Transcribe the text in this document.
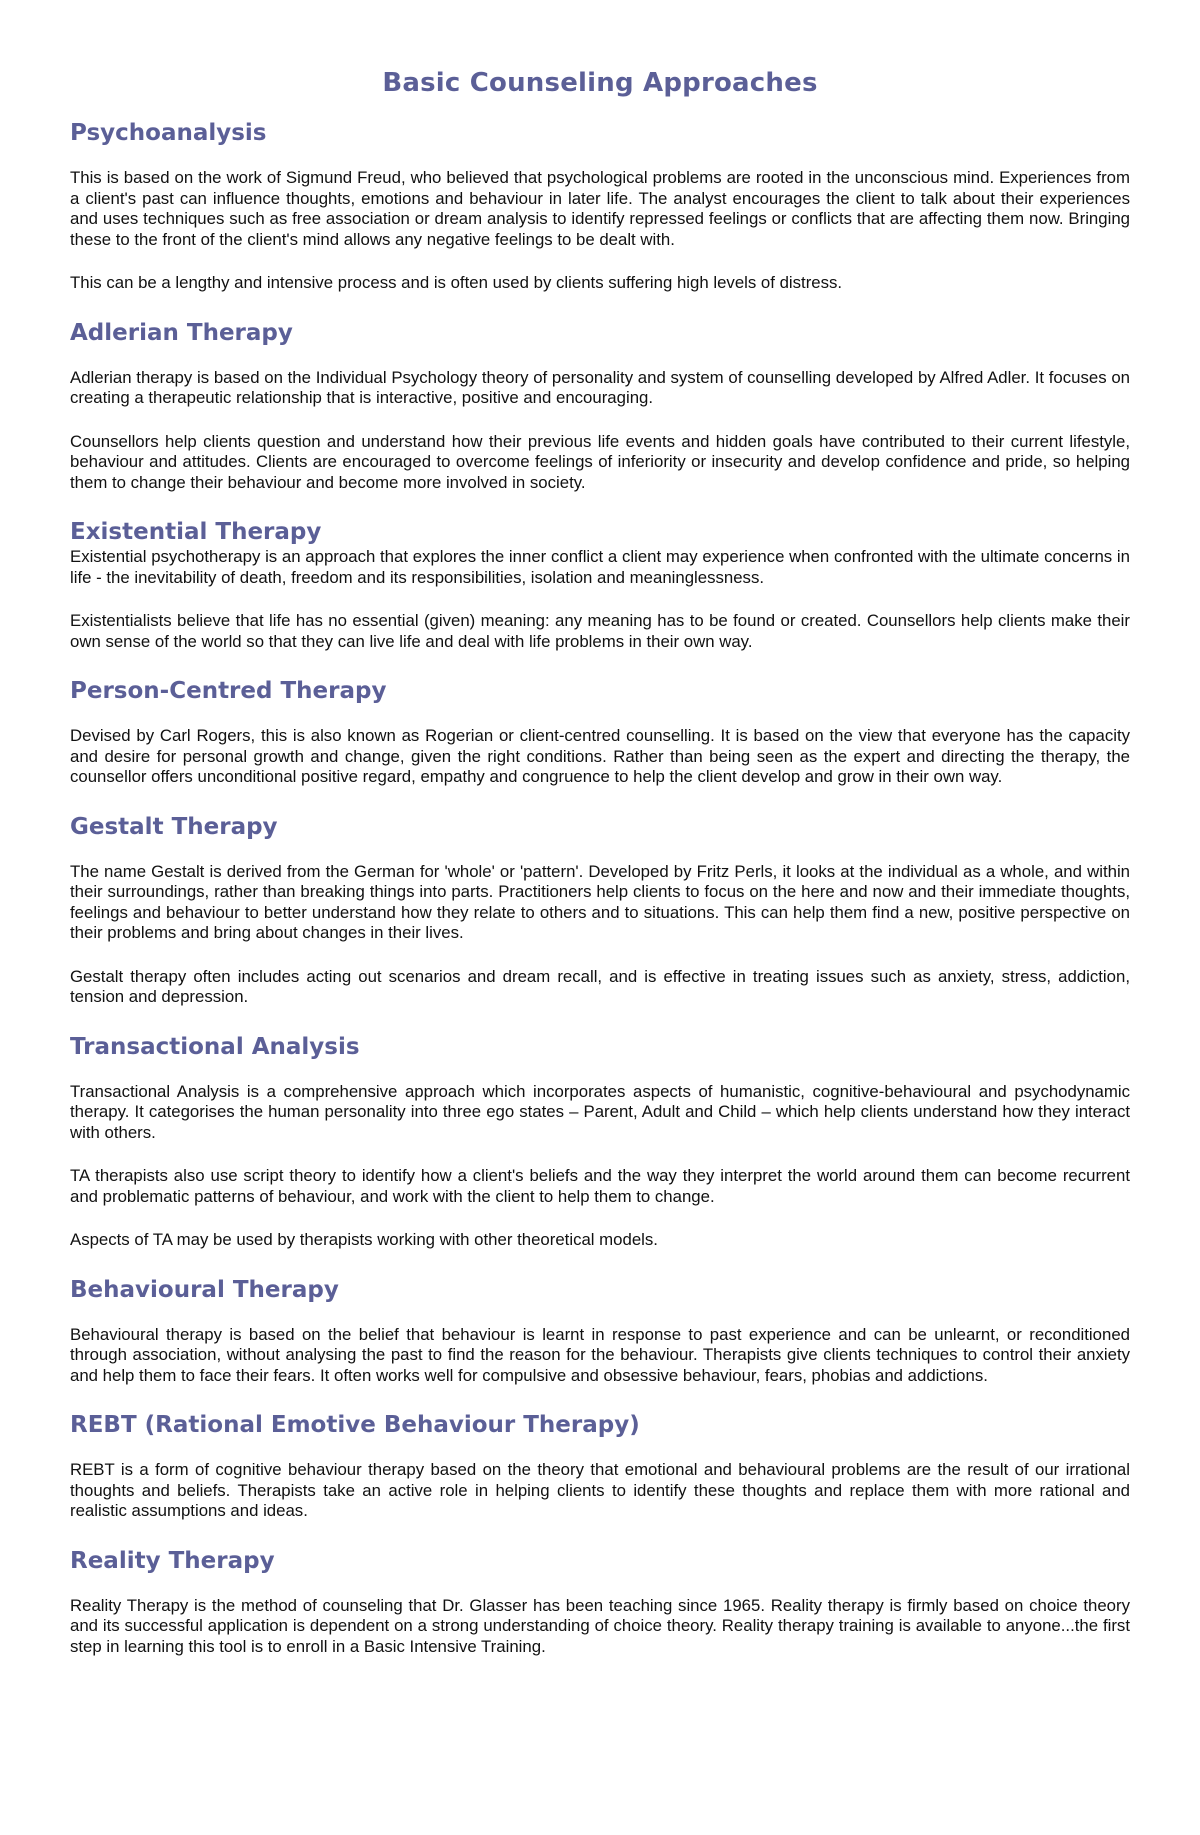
Basic Counseling Approaches
Psychoanalysis

This is based on the work of Sigmund Freud, who believed that psychological problems are rooted in the unconscious mind. Experiences from a client's past can influence thoughts, emotions and behaviour in later life. The analyst encourages the client to talk about their experiences and uses techniques such as free association or dream analysis to identify repressed feelings or conflicts that are affecting them now. Bringing these to the front of the client's mind allows any negative feelings to be dealt with.

This can be a lengthy and intensive process and is often used by clients suffering high levels of distress.

Adlerian Therapy

Adlerian therapy is based on the Individual Psychology theory of personality and system of counselling developed by Alfred Adler. It focuses on creating a therapeutic relationship that is interactive, positive and encouraging.

Counsellors help clients question and understand how their previous life events and hidden goals have contributed to their current lifestyle, behaviour and attitudes. Clients are encouraged to overcome feelings of inferiority or insecurity and develop confidence and pride, so helping them to change their behaviour and become more involved in society.

Existential Therapy

Existential psychotherapy is an approach that explores the inner conflict a client may experience when confronted with the ultimate concerns in life - the inevitability of death, freedom and its responsibilities, isolation and meaninglessness.

Existentialists believe that life has no essential (given) meaning: any meaning has to be found or created. Counsellors help clients make their own sense of the world so that they can live life and deal with life problems in their own way.

Person-Centred Therapy

Devised by Carl Rogers, this is also known as Rogerian or client-centred counselling. It is based on the view that everyone has the capacity and desire for personal growth and change, given the right conditions. Rather than being seen as the expert and directing the therapy, the counsellor offers unconditional positive regard, empathy and congruence to help the client develop and grow in their own way.

Gestalt Therapy

The name Gestalt is derived from the German for 'whole' or 'pattern'. Developed by Fritz Perls, it looks at the individual as a whole, and within their surroundings, rather than breaking things into parts. Practitioners help clients to focus on the here and now and their immediate thoughts, feelings and behaviour to better understand how they relate to others and to situations. This can help them find a new, positive perspective on their problems and bring about changes in their lives.

Gestalt therapy often includes acting out scenarios and dream recall, and is effective in treating issues such as anxiety, stress, addiction, tension and depression.

Transactional Analysis

Transactional Analysis is a comprehensive approach which incorporates aspects of humanistic, cognitive-behavioural and psychodynamic therapy. It categorises the human personality into three ego states – Parent, Adult and Child – which help clients understand how they interact with others.

TA therapists also use script theory to identify how a client's beliefs and the way they interpret the world around them can become recurrent and problematic patterns of behaviour, and work with the client to help them to change.

Aspects of TA may be used by therapists working with other theoretical models.

Behavioural Therapy

Behavioural therapy is based on the belief that behaviour is learnt in response to past experience and can be unlearnt, or reconditioned through association, without analysing the past to find the reason for the behaviour. Therapists give clients techniques to control their anxiety and help them to face their fears. It often works well for compulsive and obsessive behaviour, fears, phobias and addictions.

REBT (Rational Emotive Behaviour Therapy)

REBT is a form of cognitive behaviour therapy based on the theory that emotional and behavioural problems are the result of our irrational thoughts and beliefs. Therapists take an active role in helping clients to identify these thoughts and replace them with more rational and realistic assumptions and ideas.

Reality Therapy

Reality Therapy is the method of counseling that Dr. Glasser has been teaching since 1965. Reality therapy is firmly based on choice theory and its successful application is dependent on a strong understanding of choice theory. Reality therapy training is available to anyone...the first step in learning this tool is to enroll in a Basic Intensive Training.
